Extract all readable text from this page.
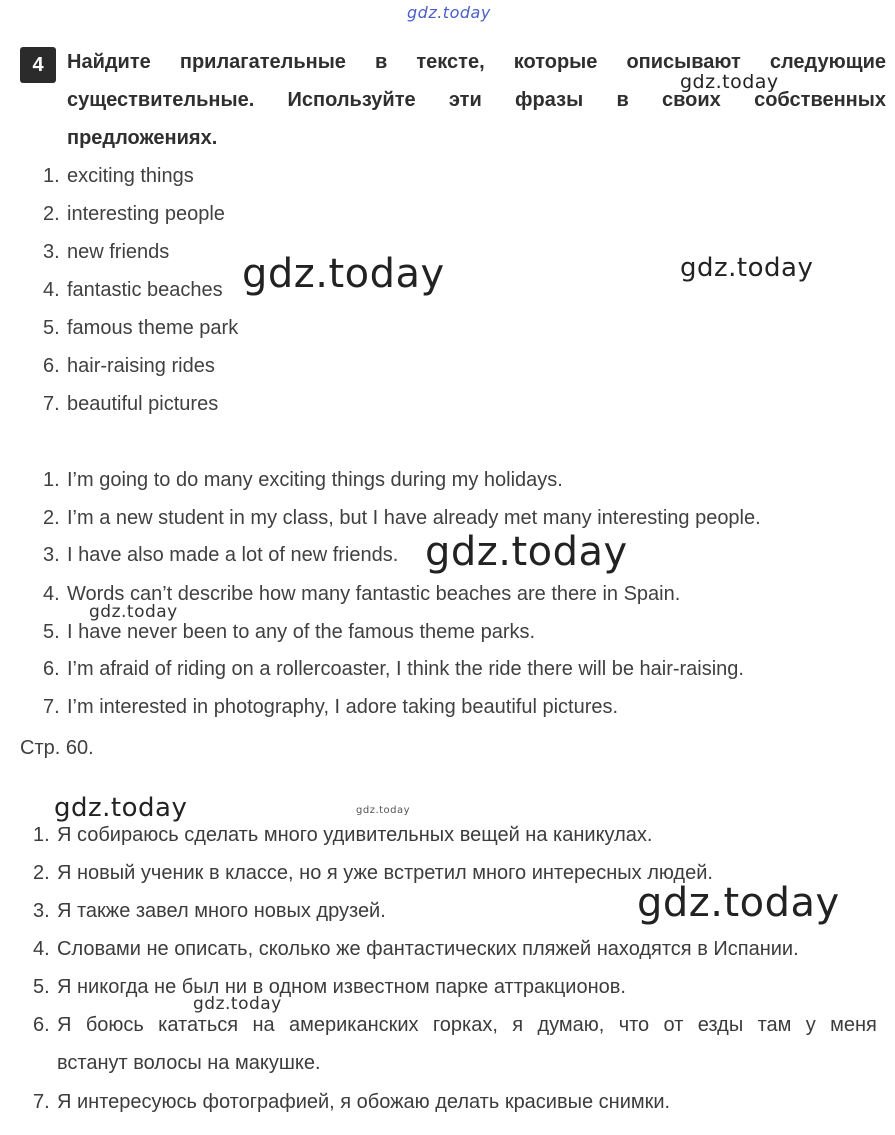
gdz.today
4	Найдите прилагательные в тексте, которые описывают следующие
существительные. Используйте эти фразы в своих собственных
предложениях.
1. exciting things
2. interesting people
3. new friends
4. fantastic beaches
5. famous theme park
6. hair-raising rides
7. beautiful pictures
1. I’m going to do many exciting things during my holidays.
2. I’m a new student in my class, but I have already met many interesting people.
3. I have also made a lot of new friends.
4. Words can’t describe how many fantastic beaches are there in Spain.
5. I have never been to any of the famous theme parks.
6. I’m afraid of riding on a rollercoaster, I think the ride there will be hair-raising.
7. I’m interested in photography, I adore taking beautiful pictures.
Стр. 60.
1. Я собираюсь сделать много удивительных вещей на каникулах.
2. Я новый ученик в классе, но я уже встретил много интересных людей.
3. Я также завел много новых друзей.
4. Словами не описать, сколько же фантастических пляжей находятся в Испании.
5. Я никогда не был ни в одном известном парке аттракционов.
6. Я боюсь кататься на американских горках, я думаю, что от езды там у меня
встанут волосы на макушке.
7. Я интересуюсь фотографией, я обожаю делать красивые снимки.
gdz.today
gdz.today	gdz.today
gdz.today
gdz.today
gdz.today	gdz.today
gdz.today
gdz.today
